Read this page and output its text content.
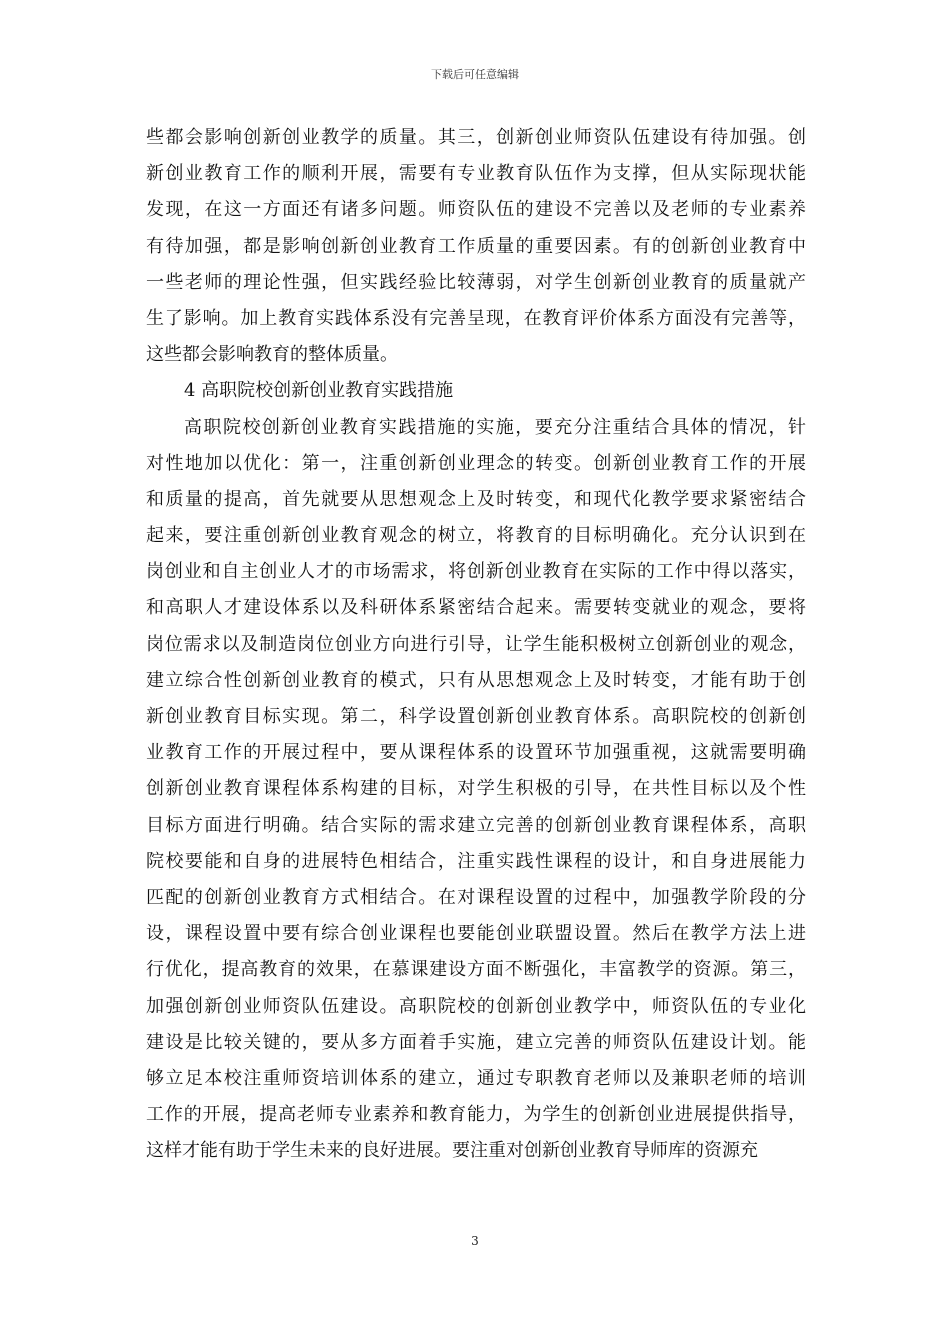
下载后可任意编辑
些都会影响创新创业教学的质量。其三，创新创业师资队伍建设有待加强。创
新创业教育工作的顺利开展，需要有专业教育队伍作为支撑，但从实际现状能
发现，在这一方面还有诸多问题。师资队伍的建设不完善以及老师的专业素养
有待加强，都是影响创新创业教育工作质量的重要因素。有的创新创业教育中
一些老师的理论性强，但实践经验比较薄弱，对学生创新创业教育的质量就产
生了影响。加上教育实践体系没有完善呈现，在教育评价体系方面没有完善等，
这些都会影响教育的整体质量。
4 高职院校创新创业教育实践措施
高职院校创新创业教育实践措施的实施，要充分注重结合具体的情况，针
对性地加以优化：第一，注重创新创业理念的转变。创新创业教育工作的开展
和质量的提高，首先就要从思想观念上及时转变，和现代化教学要求紧密结合
起来，要注重创新创业教育观念的树立，将教育的目标明确化。充分认识到在
岗创业和自主创业人才的市场需求，将创新创业教育在实际的工作中得以落实，
和高职人才建设体系以及科研体系紧密结合起来。需要转变就业的观念，要将
岗位需求以及制造岗位创业方向进行引导，让学生能积极树立创新创业的观念，
建立综合性创新创业教育的模式，只有从思想观念上及时转变，才能有助于创
新创业教育目标实现。第二，科学设置创新创业教育体系。高职院校的创新创
业教育工作的开展过程中，要从课程体系的设置环节加强重视，这就需要明确
创新创业教育课程体系构建的目标，对学生积极的引导，在共性目标以及个性
目标方面进行明确。结合实际的需求建立完善的创新创业教育课程体系，高职
院校要能和自身的进展特色相结合，注重实践性课程的设计，和自身进展能力
匹配的创新创业教育方式相结合。在对课程设置的过程中，加强教学阶段的分
设，课程设置中要有综合创业课程也要能创业联盟设置。然后在教学方法上进
行优化，提高教育的效果，在慕课建设方面不断强化，丰富教学的资源。第三，
加强创新创业师资队伍建设。高职院校的创新创业教学中，师资队伍的专业化
建设是比较关键的，要从多方面着手实施，建立完善的师资队伍建设计划。能
够立足本校注重师资培训体系的建立，通过专职教育老师以及兼职老师的培训
工作的开展，提高老师专业素养和教育能力，为学生的创新创业进展提供指导，
这样才能有助于学生未来的良好进展。要注重对创新创业教育导师库的资源充
3
